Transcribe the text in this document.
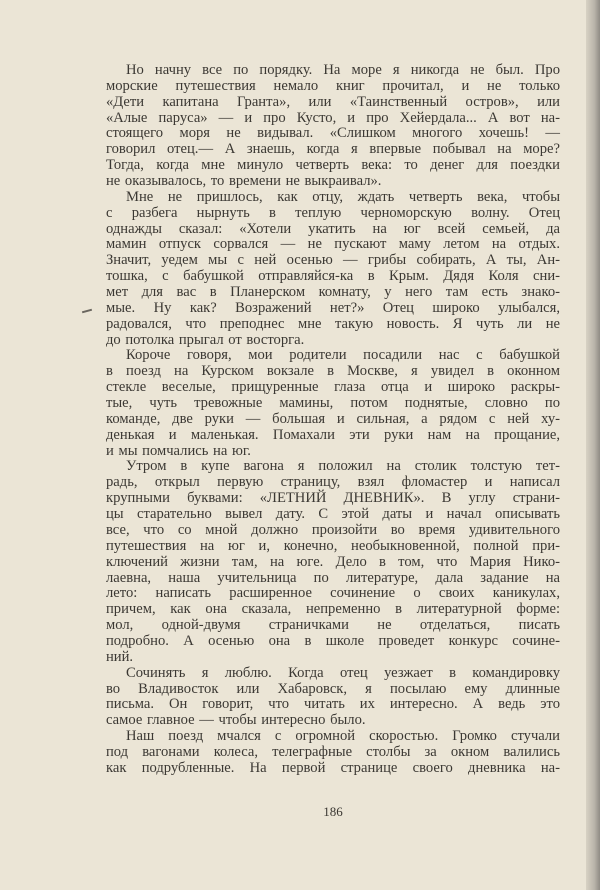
Но начну все по порядку. На море я никогда не был. Про
морские путешествия немало книг прочитал, и не только
«Дети капитана Гранта», или «Таинственный остров», или
«Алые паруса» — и про Кусто, и про Хейердала... А вот на-
стоящего моря не видывал. «Слишком многого хочешь! —
говорил отец.— А знаешь, когда я впервые побывал на море?
Тогда, когда мне минуло четверть века: то денег для поездки
не оказывалось, то времени не выкраивал».
Мне не пришлось, как отцу, ждать четверть века, чтобы
с разбега нырнуть в теплую черноморскую волну. Отец
однажды сказал: «Хотели укатить на юг всей семьей, да
мамин отпуск сорвался — не пускают маму летом на отдых.
Значит, уедем мы с ней осенью — грибы собирать, А ты, Ан-
тошка, с бабушкой отправляйся-ка в Крым. Дядя Коля сни-
мет для вас в Планерском комнату, у него там есть знако-
мые. Ну как? Возражений нет?» Отец широко улыбался,
радовался, что преподнес мне такую новость. Я чуть ли не
до потолка прыгал от восторга.
Короче говоря, мои родители посадили нас с бабушкой
в поезд на Курском вокзале в Москве, я увидел в оконном
стекле веселые, прищуренные глаза отца и широко раскры-
тые, чуть тревожные мамины, потом поднятые, словно по
команде, две руки — большая и сильная, а рядом с ней ху-
денькая и маленькая. Помахали эти руки нам на прощание,
и мы помчались на юг.
Утром в купе вагона я положил на столик толстую тет-
радь, открыл первую страницу, взял фломастер и написал
крупными буквами: «ЛЕТНИЙ ДНЕВНИК». В углу страни-
цы старательно вывел дату. С этой даты и начал описывать
все, что со мной должно произойти во время удивительного
путешествия на юг и, конечно, необыкновенной, полной при-
ключений жизни там, на юге. Дело в том, что Мария Нико-
лаевна, наша учительница по литературе, дала задание на
лето: написать расширенное сочинение о своих каникулах,
причем, как она сказала, непременно в литературной форме:
мол, одной-двумя страничками не отделаться, писать
подробно. А осенью она в школе проведет конкурс сочине-
ний.
Сочинять я люблю. Когда отец уезжает в командировку
во Владивосток или Хабаровск, я посылаю ему длинные
письма. Он говорит, что читать их интересно. А ведь это
самое главное — чтобы интересно было.
Наш поезд мчался с огромной скоростью. Громко стучали
под вагонами колеса, телеграфные столбы за окном валились
как подрубленные. На первой странице своего дневника на-
186
